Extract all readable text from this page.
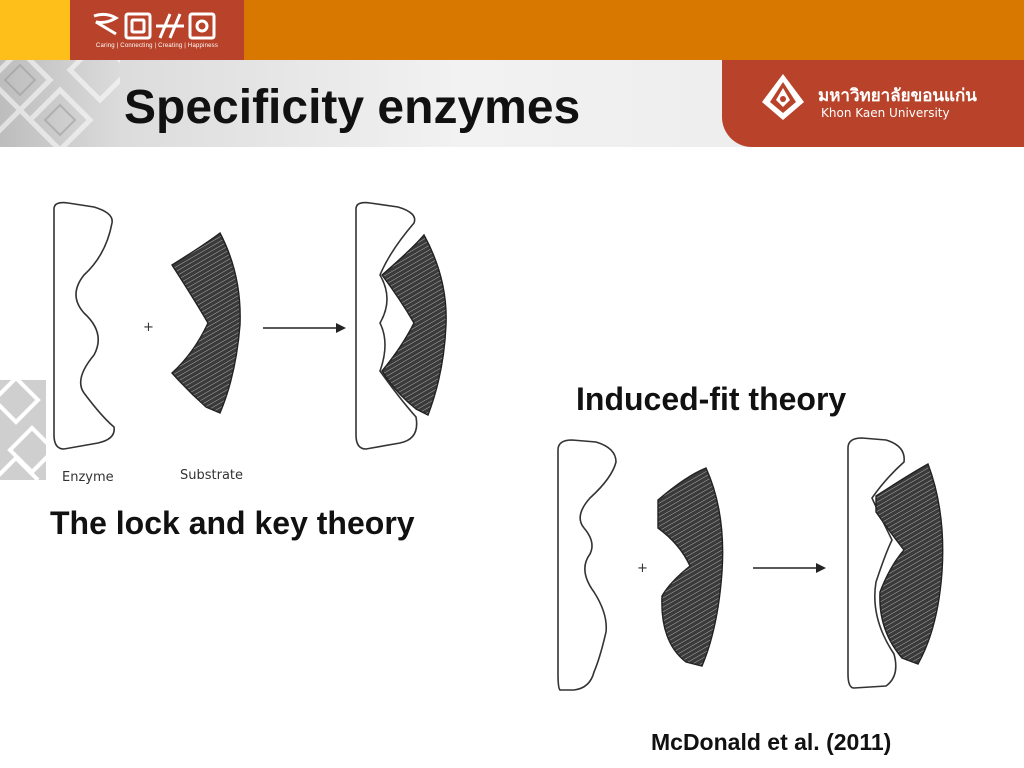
Caring | Connecting | Creating | Happiness
Specificity enzymes	มหาวิทยาลัยขอนแก่น
Khon Kaen University
+
Enzyme	Substrate
The lock and key theory
Induced-fit theory
+
McDonald et al. (2011)
